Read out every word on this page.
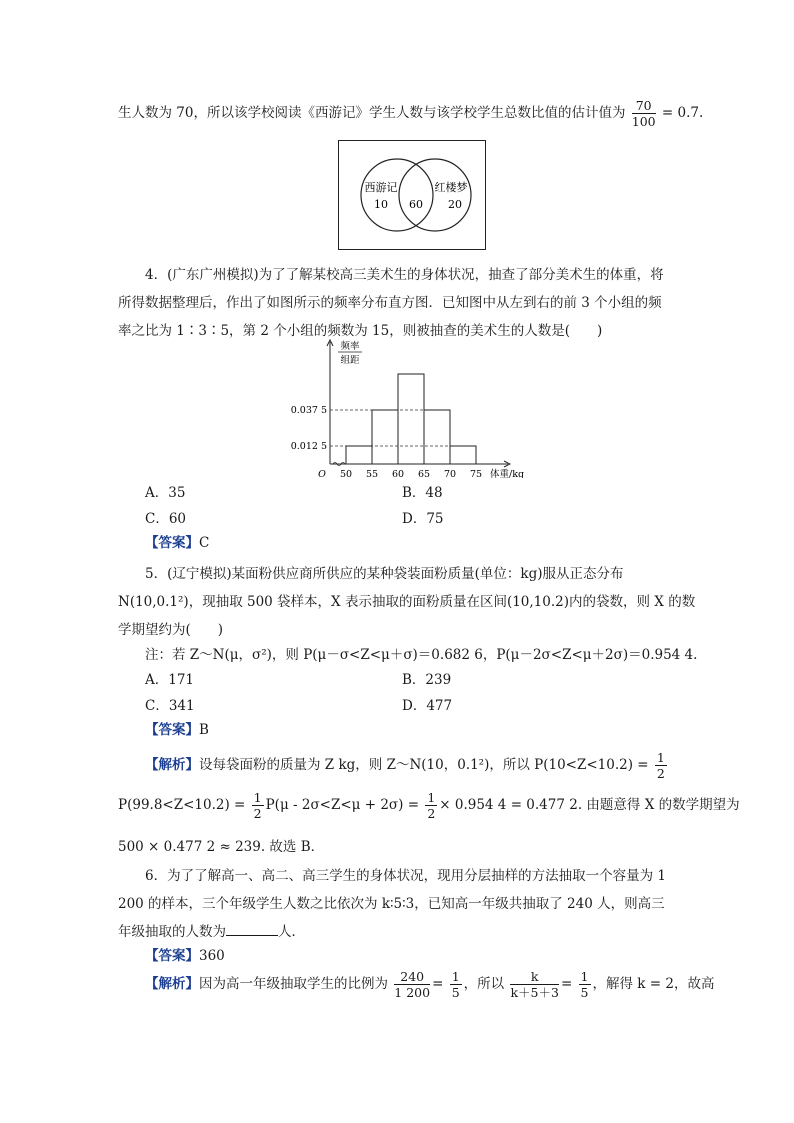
生人数为 70，所以该学校阅读《西游记》学生人数与该学校学生总数比值的估计值为 $\frac{70}{100} = 0.7$.
西游记
10 60
红楼梦
20
4．(广东广州模拟)为了了解某校高三美术生的身体状况，抽查了部分美术生的体重，将
所得数据整理后，作出了如图所示的频率分布直方图．已知图中从左到右的前 3 个小组的频
率之比为 1∶3∶5，第 2 个小组的频数为 15，则被抽查的美术生的人数是(　　)
0.012 5
0.037 5
50 55 60 65 70 75
O	体重/kg
频率
组距
A．35	B．48
C．60	D．75
【答案】C
5．(辽宁模拟)某面粉供应商所供应的某种袋装面粉质量(单位：kg)服从正态分布
N(10,0.1²)，现抽取 500 袋样本，X 表示抽取的面粉质量在区间(10,10.2)内的袋数，则 X 的数
学期望约为(　　)
注：若 Z～N(μ，σ²)，则 P(μ－σ<Z<μ＋σ)＝0.682 6，P(μ－2σ<Z<μ＋2σ)＝0.954 4.
A．171	B．239
C．341	D．477
【答案】B
【解析】设每袋面粉的质量为 Z kg，则 Z～N(10，0.1²)，所以 $P(10<Z<10.2) = \frac{1}{2}$
$P(99.8<Z<10.2) = \frac{1}{2} P(\mu - 2\sigma<Z<\mu + 2\sigma) = \frac{1}{2} \times 0.954$ 4 = 0.477 2. 由题意得 X 的数学期望为
500 × 0.477 2 ≈ 239. 故选 B．
6．为了了解高一、高二、高三学生的身体状况，现用分层抽样的方法抽取一个容量为 1
200 的样本，三个年级学生人数之比依次为 k∶5∶3，已知高一年级共抽取了 240 人，则高三
年级抽取的人数为	人．
【答案】360
【解析】因为高一年级抽取学生的比例为 $\frac{240}{1 200} = \frac{1}{5}$ ，所以 $\frac{k}{k+5+3} = \frac{1}{5}$ ，解得 k = 2，故高
